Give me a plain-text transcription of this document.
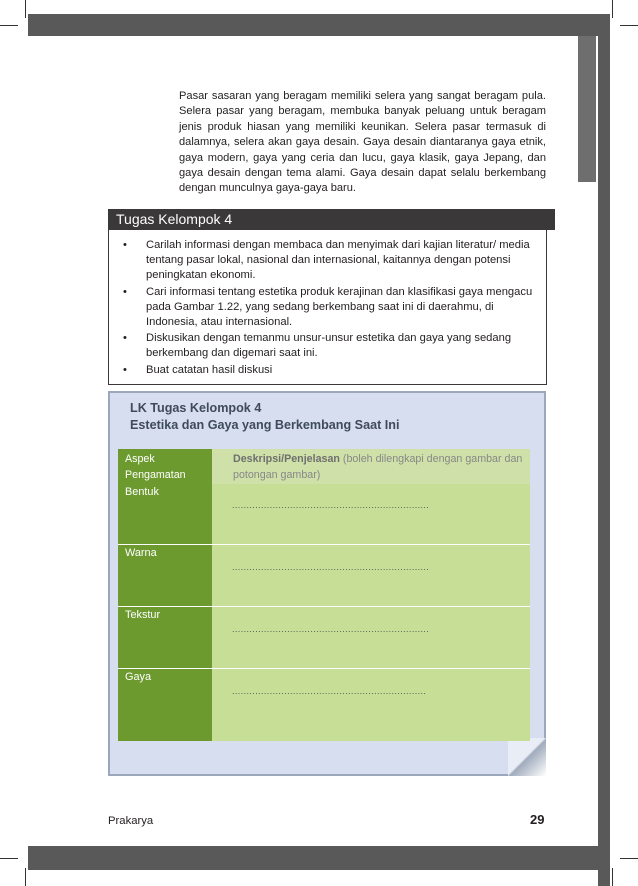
Pasar sasaran yang beragam memiliki selera yang sangat beragam pula. Selera pasar yang beragam, membuka banyak peluang untuk beragam jenis produk hiasan yang memiliki keunikan. Selera pasar termasuk di dalamnya, selera akan gaya desain. Gaya desain diantaranya gaya etnik, gaya modern, gaya yang ceria dan lucu, gaya klasik, gaya Jepang, dan gaya desain dengan tema alami. Gaya desain dapat selalu berkembang dengan munculnya gaya-gaya baru.
Tugas Kelompok 4
• Carilah informasi dengan membaca dan menyimak dari kajian literatur/ media tentang pasar lokal, nasional dan internasional, kaitannya dengan potensi peningkatan ekonomi.
• Cari informasi tentang estetika produk kerajinan dan klasifikasi gaya mengacu pada Gambar 1.22, yang sedang berkembang saat ini di daerahmu, di Indonesia, atau internasional.
• Diskusikan dengan temanmu unsur-unsur estetika dan gaya yang sedang berkembang dan digemari saat ini.
• Buat catatan hasil diskusi
LK Tugas Kelompok 4
Estetika dan Gaya yang Berkembang Saat Ini
Aspek Pengamatan
Deskripsi/Penjelasan (boleh dilengkapi dengan gambar dan potongan gambar)
Bentuk
....................................................................
Warna
....................................................................
Tekstur
....................................................................
Gaya
...................................................................
Prakarya	29
